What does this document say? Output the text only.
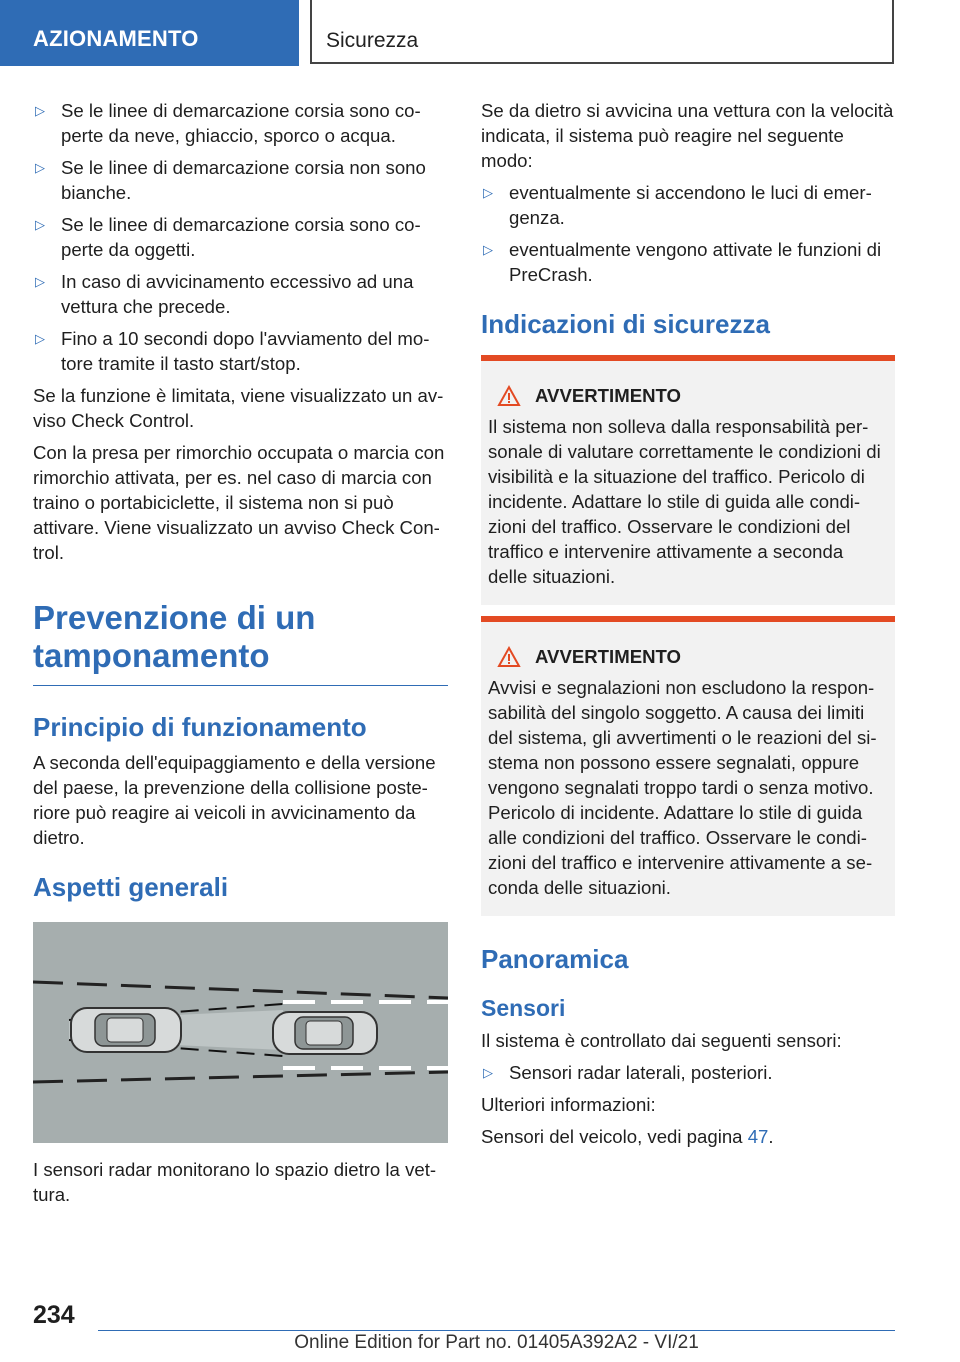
AZIONAMENTO	Sicurezza
▷ Se le linee di demarcazione corsia sono coperte da neve, ghiaccio, sporco o acqua.
▷ Se le linee di demarcazione corsia non sono bianche.
▷ Se le linee di demarcazione corsia sono coperte da oggetti.
▷ In caso di avvicinamento eccessivo ad una vettura che precede.
▷ Fino a 10 secondi dopo l'avviamento del motore tramite il tasto start/stop.

Se la funzione è limitata, viene visualizzato un avviso Check Control.

Con la presa per rimorchio occupata o marcia con rimorchio attivata, per es. nel caso di marcia con traino o portabiciclette, il sistema non si può attivare. Viene visualizzato un avviso Check Control.

Prevenzione di un tamponamento
Principio di funzionamento

A seconda dell'equipaggiamento e della versione del paese, la prevenzione della collisione posteriore può reagire ai veicoli in avvicinamento da dietro.

Aspetti generali

I sensori radar monitorano lo spazio dietro la vettura.

Se da dietro si avvicina una vettura con la velocità indicata, il sistema può reagire nel seguente modo:

▷ eventualmente si accendono le luci di emergenza.
▷ eventualmente vengono attivate le funzioni di PreCrash.
Indicazioni di sicurezza
AVVERTIMENTO

Il sistema non solleva dalla responsabilità personale di valutare correttamente le condizioni di visibilità e la situazione del traffico. Pericolo di incidente. Adattare lo stile di guida alle condizioni del traffico. Osservare le condizioni del traffico e intervenire attivamente a seconda delle situazioni.

AVVERTIMENTO

Avvisi e segnalazioni non escludono la responsabilità del singolo soggetto. A causa dei limiti del sistema, gli avvertimenti o le reazioni del sistema non possono essere segnalati, oppure vengono segnalati troppo tardi o senza motivo. Pericolo di incidente. Adattare lo stile di guida alle condizioni del traffico. Osservare le condizioni del traffico e intervenire attivamente a seconda delle situazioni.

Panoramica
Sensori

Il sistema è controllato dai seguenti sensori:

▷ Sensori radar laterali, posteriori.

Ulteriori informazioni:

Sensori del veicolo, vedi pagina 47.

234
Online Edition for Part no. 01405A392A2 - VI/21
